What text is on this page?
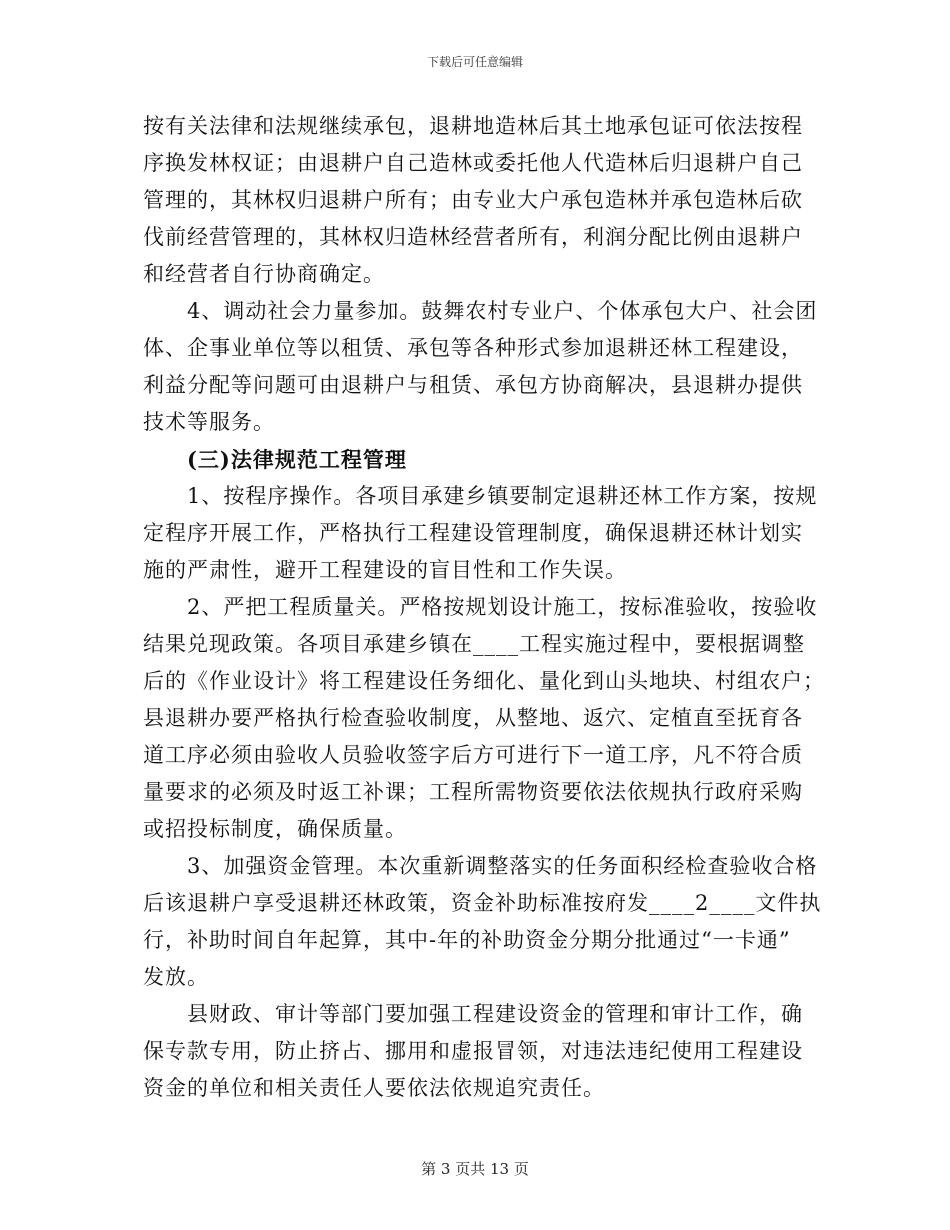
下载后可任意编辑
按有关法律和法规继续承包，退耕地造林后其土地承包证可依法按程
序换发林权证；由退耕户自己造林或委托他人代造林后归退耕户自己
管理的，其林权归退耕户所有；由专业大户承包造林并承包造林后砍
伐前经营管理的，其林权归造林经营者所有，利润分配比例由退耕户
和经营者自行协商确定。
　　4、调动社会力量参加。鼓舞农村专业户、个体承包大户、社会团
体、企事业单位等以租赁、承包等各种形式参加退耕还林工程建设，
利益分配等问题可由退耕户与租赁、承包方协商解决，县退耕办提供
技术等服务。
　　(三)法律规范工程管理
　　1、按程序操作。各项目承建乡镇要制定退耕还林工作方案，按规
定程序开展工作，严格执行工程建设管理制度，确保退耕还林计划实
施的严肃性，避开工程建设的盲目性和工作失误。
　　2、严把工程质量关。严格按规划设计施工，按标准验收，按验收
结果兑现政策。各项目承建乡镇在____工程实施过程中，要根据调整
后的《作业设计》将工程建设任务细化、量化到山头地块、村组农户；
县退耕办要严格执行检查验收制度，从整地、返穴、定植直至抚育各
道工序必须由验收人员验收签字后方可进行下一道工序，凡不符合质
量要求的必须及时返工补课；工程所需物资要依法依规执行政府采购
或招投标制度，确保质量。
　　3、加强资金管理。本次重新调整落实的任务面积经检查验收合格
后该退耕户享受退耕还林政策，资金补助标准按府发____2____文件执
行，补助时间自年起算，其中-年的补助资金分期分批通过“一卡通”
发放。
　　县财政、审计等部门要加强工程建设资金的管理和审计工作，确
保专款专用，防止挤占、挪用和虚报冒领，对违法违纪使用工程建设
资金的单位和相关责任人要依法依规追究责任。
第 3 页共 13 页
